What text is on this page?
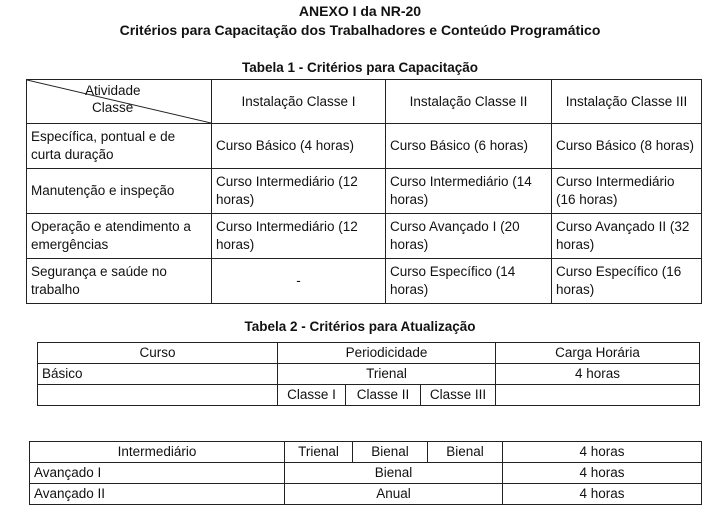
ANEXO I da NR-20
Critérios para Capacitação dos Trabalhadores e Conteúdo Programático
Tabela 1 - Critérios para Capacitação
Atividade
Classe	Instalação Classe I	Instalação Classe II	Instalação Classe III
Específica, pontual e de curta duração	Curso Básico (4 horas)	Curso Básico (6 horas)	Curso Básico (8 horas)
Manutenção e inspeção	Curso Intermediário (12 horas)	Curso Intermediário (14 horas)	Curso Intermediário (16 horas)
Operação e atendimento a emergências	Curso Intermediário (12 horas)	Curso Avançado I (20 horas)	Curso Avançado II (32 horas)
Segurança e saúde no trabalho	-	Curso Específico (14 horas)	Curso Específico (16 horas)
Tabela 2 - Critérios para Atualização
Curso	Periodicidade			Carga Horária
Básico	Trienal			4 horas
	Classe I	Classe II	Classe III	
Intermediário	Trienal	Bienal	Bienal	4 horas
Avançado I	Bienal			4 horas
Avançado II	Anual			4 horas
